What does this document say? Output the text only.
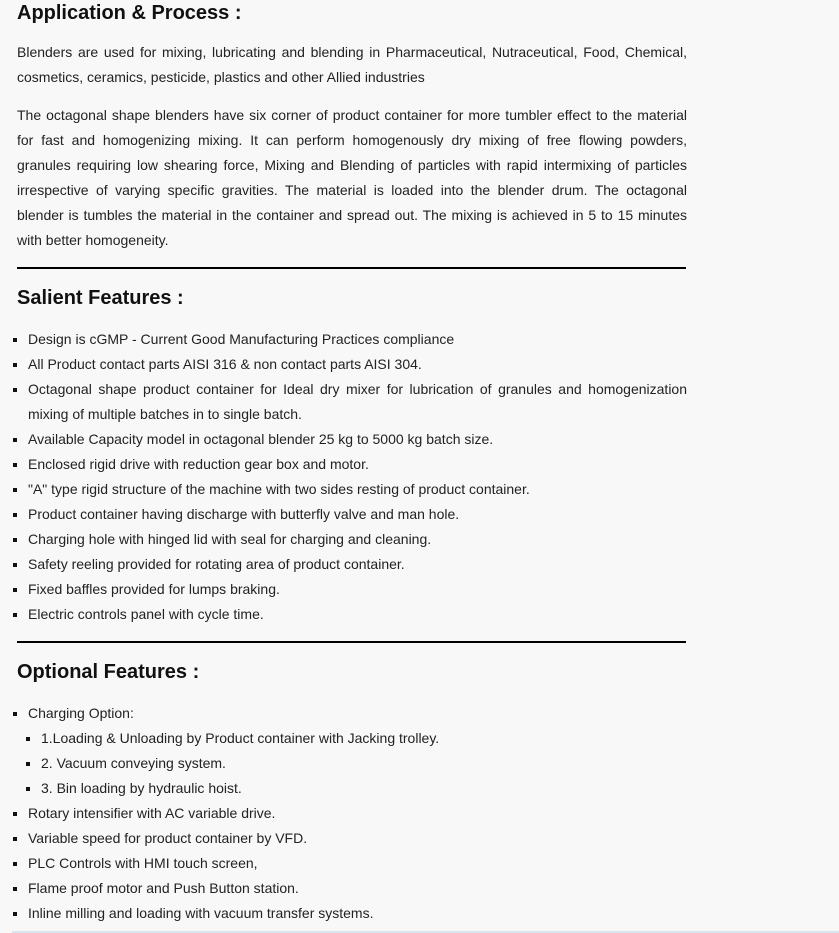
Application & Process :

Blenders are used for mixing, lubricating and blending in Pharmaceutical, Nutraceutical, Food, Chemical, cosmetics, ceramics, pesticide, plastics and other Allied industries

The octagonal shape blenders have six corner of product container for more tumbler effect to the material for fast and homogenizing mixing. It can perform homogenously dry mixing of free flowing powders, granules requiring low shearing force, Mixing and Blending of particles with rapid intermixing of particles irrespective of varying specific gravities. The material is loaded into the blender drum. The octagonal blender is tumbles the material in the container and spread out. The mixing is achieved in 5 to 15 minutes with better homogeneity.

Salient Features :
Design is cGMP - Current Good Manufacturing Practices compliance
All Product contact parts AISI 316 & non contact parts AISI 304.
Octagonal shape product container for Ideal dry mixer for lubrication of granules and homogenization mixing of multiple batches in to single batch.
Available Capacity model in octagonal blender 25 kg to 5000 kg batch size.
Enclosed rigid drive with reduction gear box and motor.
"A" type rigid structure of the machine with two sides resting of product container.
Product container having discharge with butterfly valve and man hole.
Charging hole with hinged lid with seal for charging and cleaning.
Safety reeling provided for rotating area of product container.
Fixed baffles provided for lumps braking.
Electric controls panel with cycle time.
Optional Features :
Charging Option:
1.Loading & Unloading by Product container with Jacking trolley.
2. Vacuum conveying system.
3. Bin loading by hydraulic hoist.
Rotary intensifier with AC variable drive.
Variable speed for product container by VFD.
PLC Controls with HMI touch screen,
Flame proof motor and Push Button station.
Inline milling and loading with vacuum transfer systems.
